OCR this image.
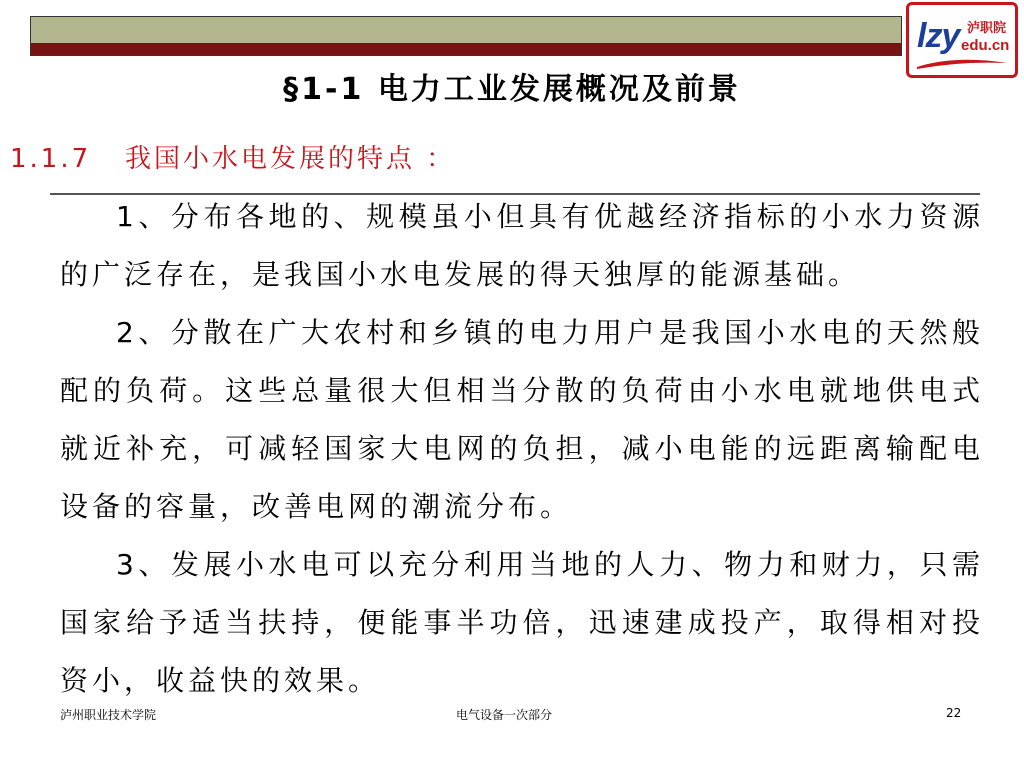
lzy 泸职院
edu.cn
§1-1 电力工业发展概况及前景
1.1.7   我国小水电发展的特点 ：

1、分布各地的、规模虽小但具有优越经济指标的小水力资源的广泛存在，是我国小水电发展的得天独厚的能源基础。

2、分散在广大农村和乡镇的电力用户是我国小水电的天然般配的负荷。这些总量很大但相当分散的负荷由小水电就地供电式就近补充，可减轻国家大电网的负担，减小电能的远距离输配电设备的容量，改善电网的潮流分布。

3、发展小水电可以充分利用当地的人力、物力和财力，只需国家给予适当扶持，便能事半功倍，迅速建成投产，取得相对投资小，收益快的效果。

泸州职业技术学院	电气设备一次部分	22
